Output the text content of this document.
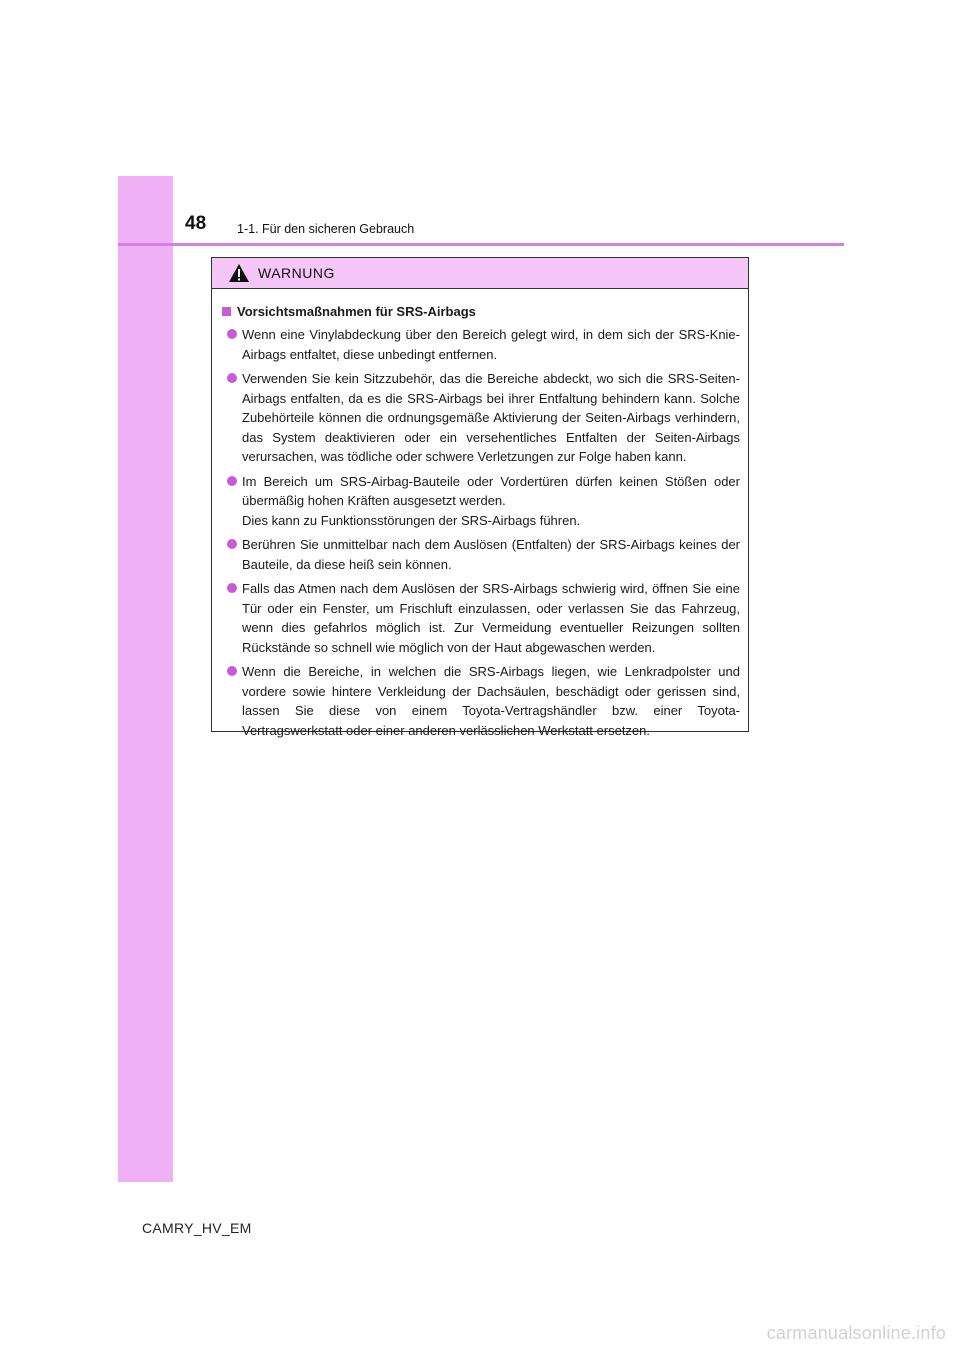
48 1-1. Für den sicheren Gebrauch
WARNUNG
Vorsichtsmaßnahmen für SRS-Airbags

Wenn eine Vinylabdeckung über den Bereich gelegt wird, in dem sich der SRS-Knie-Airbags entfaltet, diese unbedingt entfernen.

Verwenden Sie kein Sitzzubehör, das die Bereiche abdeckt, wo sich die SRS-Seiten-Airbags entfalten, da es die SRS-Airbags bei ihrer Entfaltung behindern kann. Solche Zubehörteile können die ordnungsgemäße Aktivierung der Seiten-Airbags verhindern, das System deaktivieren oder ein versehentliches Entfalten der Seiten-Airbags verursachen, was tödliche oder schwere Verletzungen zur Folge haben kann.

Im Bereich um SRS-Airbag-Bauteile oder Vordertüren dürfen keinen Stößen oder übermäßig hohen Kräften ausgesetzt werden.

Dies kann zu Funktionsstörungen der SRS-Airbags führen.

Berühren Sie unmittelbar nach dem Auslösen (Entfalten) der SRS-Airbags keines der Bauteile, da diese heiß sein können.

Falls das Atmen nach dem Auslösen der SRS-Airbags schwierig wird, öffnen Sie eine Tür oder ein Fenster, um Frischluft einzulassen, oder verlassen Sie das Fahrzeug, wenn dies gefahrlos möglich ist. Zur Vermeidung eventueller Reizungen sollten Rückstände so schnell wie möglich von der Haut abgewaschen werden.

Wenn die Bereiche, in welchen die SRS-Airbags liegen, wie Lenkradpolster und vordere sowie hintere Verkleidung der Dachsäulen, beschädigt oder gerissen sind, lassen Sie diese von einem Toyota-Vertragshändler bzw. einer Toyota-Vertragswerkstatt oder einer anderen verlässlichen Werkstatt ersetzen.

CAMRY_HV_EM
carmanualsonline.info
